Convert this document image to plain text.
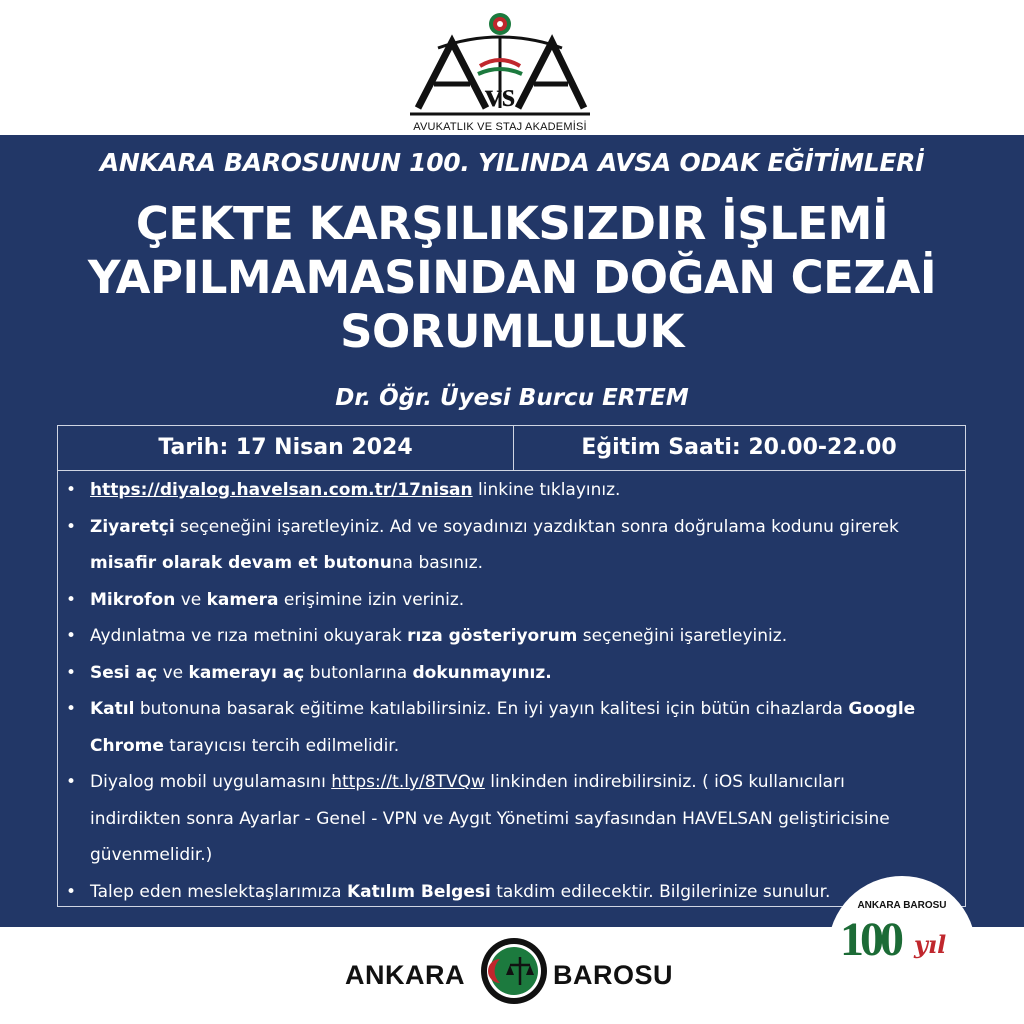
vs
AVUKATLIK VE STAJ AKADEMİSİ
ANKARA BAROSUNUN 100. YILINDA AVSA ODAK EĞİTİMLERİ
ÇEKTE KARŞILIKSIZDIR İŞLEMİ
YAPILMAMASINDAN DOĞAN CEZAİ
SORUMLULUK
Dr. Öğr. Üyesi Burcu ERTEM
Tarih: 17 Nisan 2024	Eğitim Saati: 20.00-22.00
• https://diyalog.havelsan.com.tr/17nisan linkine tıklayınız.
• Ziyaretçi seçeneğini işaretleyiniz. Ad ve soyadınızı yazdıktan sonra doğrulama kodunu girerek
misafir olarak devam et butonuna basınız.
• Mikrofon ve kamera erişimine izin veriniz.
• Aydınlatma ve rıza metnini okuyarak rıza gösteriyorum seçeneğini işaretleyiniz.
• Sesi aç ve kamerayı aç butonlarına dokunmayınız.
• Katıl butonuna basarak eğitime katılabilirsiniz. En iyi yayın kalitesi için bütün cihazlarda Google
Chrome tarayıcısı tercih edilmelidir.
• Diyalog mobil uygulamasını https://t.ly/8TVQw linkinden indirebilirsiniz. ( iOS kullanıcıları
indirdikten sonra Ayarlar - Genel - VPN ve Aygıt Yönetimi sayfasından HAVELSAN geliştiricisine
güvenmelidir.)
• Talep eden meslektaşlarımıza Katılım Belgesi takdim edilecektir. Bilgilerinize sunulur.
ANKARA	BAROSU
ANKARA BAROSU
100 yıl
